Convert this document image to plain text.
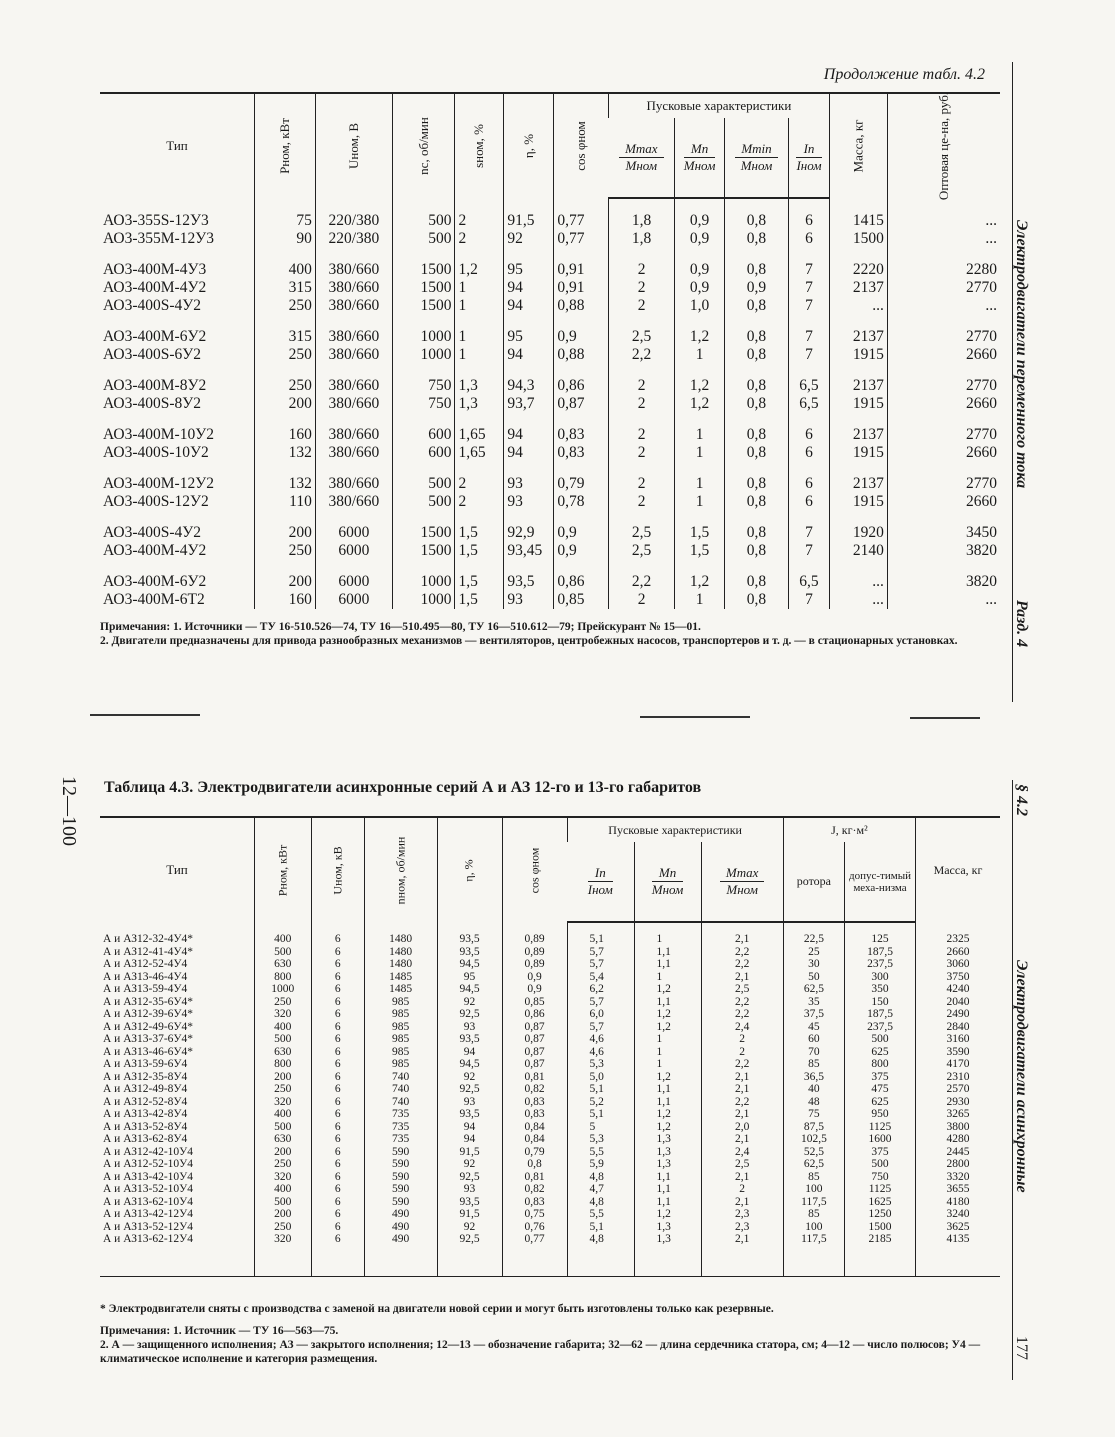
Продолжение табл. 4.2
Электродвигатели переменного тока
Разд. 4
§ 4.2
Электродвигатели асинхронные
177
12—100
Тип	Pном, кВт	Uном, В	nс, об/мин	sном, %	η, %	cos φном	Пусковые характеристики				Масса, кг	Оптовая це-на, руб.

							$\frac{Mmax}{\text{Mном}}$	$\frac{Mп}{\text{Mном}}$	$\frac{Mmin}{\text{Mном}}$	$\frac{Iп}{\text{Iном}}$

АО3-355S-12У3	75	220/380	500	2	91,5	0,77	1,8	0,9	0,8	6	1415	...
АО3-355М-12У3	90	220/380	500	2	92	0,77	1,8	0,9	0,8	6	1500	...

АО3-400М-4У3	400	380/660	1500	1,2	95	0,91	2	0,9	0,8	7	2220	2280
АО3-400М-4У2	315	380/660	1500	1	94	0,91	2	0,9	0,9	7	2137	2770
АО3-400S-4У2	250	380/660	1500	1	94	0,88	2	1,0	0,8	7	...	...

АО3-400М-6У2	315	380/660	1000	1	95	0,9	2,5	1,2	0,8	7	2137	2770
АО3-400S-6У2	250	380/660	1000	1	94	0,88	2,2	1	0,8	7	1915	2660

АО3-400М-8У2	250	380/660	750	1,3	94,3	0,86	2	1,2	0,8	6,5	2137	2770
АО3-400S-8У2	200	380/660	750	1,3	93,7	0,87	2	1,2	0,8	6,5	1915	2660

АО3-400М-10У2	160	380/660	600	1,65	94	0,83	2	1	0,8	6	2137	2770
АО3-400S-10У2	132	380/660	600	1,65	94	0,83	2	1	0,8	6	1915	2660

АО3-400М-12У2	132	380/660	500	2	93	0,79	2	1	0,8	6	2137	2770
АО3-400S-12У2	110	380/660	500	2	93	0,78	2	1	0,8	6	1915	2660

АО3-400S-4У2	200	6000	1500	1,5	92,9	0,9	2,5	1,5	0,8	7	1920	3450
АО3-400М-4У2	250	6000	1500	1,5	93,45	0,9	2,5	1,5	0,8	7	2140	3820

АО3-400М-6У2	200	6000	1000	1,5	93,5	0,86	2,2	1,2	0,8	6,5	...	3820
АО3-400М-6Т2	160	6000	1000	1,5	93	0,85	2	1	0,8	7	...	...
Примечания: 1. Источники — ТУ 16-510.526—74, ТУ 16—510.495—80, ТУ 16—510.612—79; Прейскурант № 15—01.
2. Двигатели предназначены для привода разнообразных механизмов — вентиляторов, центробежных насосов, транспортеров и т. д. — в стационарных установках.
Таблица 4.3. Электродвигатели асинхронные серий А и АЗ 12-го и 13-го габаритов
Тип	Pном, кВт	Uном, кВ	nном, об/мин	η, %	cos φном	Пусковые характеристики			J, кг·м²		Масса, кг

						$\frac{Iп}{\text{Iном}}$	$\frac{Mп}{\text{Mном}}$	$\frac{Mmax}{\text{Mном}}$	ротора	допус-тимый меха-низма	

А и АЗ12-32-4У4*	400	6	1480	93,5	0,89	5,1	1	2,1	22,5	125	2325
А и АЗ12-41-4У4*	500	6	1480	93,5	0,89	5,7	1,1	2,2	25	187,5	2660
А и АЗ12-52-4У4	630	6	1480	94,5	0,89	5,7	1,1	2,2	30	237,5	3060
А и АЗ13-46-4У4	800	6	1485	95	0,9	5,4	1	2,1	50	300	3750
А и АЗ13-59-4У4	1000	6	1485	94,5	0,9	6,2	1,2	2,5	62,5	350	4240
А и АЗ12-35-6У4*	250	6	985	92	0,85	5,7	1,1	2,2	35	150	2040
А и АЗ12-39-6У4*	320	6	985	92,5	0,86	6,0	1,2	2,2	37,5	187,5	2490
А и АЗ12-49-6У4*	400	6	985	93	0,87	5,7	1,2	2,4	45	237,5	2840
А и АЗ13-37-6У4*	500	6	985	93,5	0,87	4,6	1	2	60	500	3160
А и АЗ13-46-6У4*	630	6	985	94	0,87	4,6	1	2	70	625	3590
А и АЗ13-59-6У4	800	6	985	94,5	0,87	5,3	1	2,2	85	800	4170
А и АЗ12-35-8У4	200	6	740	92	0,81	5,0	1,2	2,1	36,5	375	2310
А и АЗ12-49-8У4	250	6	740	92,5	0,82	5,1	1,1	2,1	40	475	2570
А и АЗ12-52-8У4	320	6	740	93	0,83	5,2	1,1	2,2	48	625	2930
А и АЗ13-42-8У4	400	6	735	93,5	0,83	5,1	1,2	2,1	75	950	3265
А и АЗ13-52-8У4	500	6	735	94	0,84	5	1,2	2,0	87,5	1125	3800
А и АЗ13-62-8У4	630	6	735	94	0,84	5,3	1,3	2,1	102,5	1600	4280
А и АЗ12-42-10У4	200	6	590	91,5	0,79	5,5	1,3	2,4	52,5	375	2445
А и АЗ12-52-10У4	250	6	590	92	0,8	5,9	1,3	2,5	62,5	500	2800
А и АЗ13-42-10У4	320	6	590	92,5	0,81	4,8	1,1	2,1	85	750	3320
А и АЗ13-52-10У4	400	6	590	93	0,82	4,7	1,1	2	100	1125	3655
А и АЗ13-62-10У4	500	6	590	93,5	0,83	4,8	1,1	2,1	117,5	1625	4180
А и АЗ13-42-12У4	200	6	490	91,5	0,75	5,5	1,2	2,3	85	1250	3240
А и АЗ13-52-12У4	250	6	490	92	0,76	5,1	1,3	2,3	100	1500	3625
А и АЗ13-62-12У4	320	6	490	92,5	0,77	4,8	1,3	2,1	117,5	2185	4135
* Электродвигатели сняты с производства с заменой на двигатели новой серии и могут быть изготовлены только как резервные.
Примечания: 1. Источник — ТУ 16—563—75.
2. А — защищенного исполнения; АЗ — закрытого исполнения; 12—13 — обозначение габарита; 32—62 — длина сердечника статора, см; 4—12 — число полюсов; У4 — климатическое исполнение и категория размещения.
